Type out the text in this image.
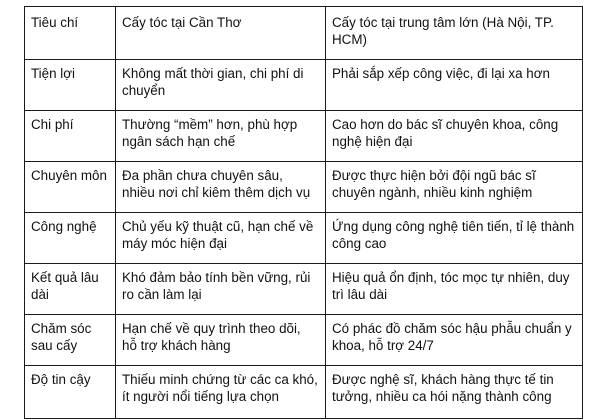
Tiêu chí	Cấy tóc tại Cần Thơ	Cấy tóc tại trung tâm lớn (Hà Nội, TP. HCM)
Tiện lợi	Không mất thời gian, chi phí di chuyển	Phải sắp xếp công việc, đi lại xa hơn
Chi phí	Thường “mềm” hơn, phù hợp ngân sách hạn chế	Cao hơn do bác sĩ chuyên khoa, công nghệ hiện đại
Chuyên môn	Đa phần chưa chuyên sâu, nhiều nơi chỉ kiêm thêm dịch vụ	Được thực hiện bởi đội ngũ bác sĩ chuyên ngành, nhiều kinh nghiệm
Công nghệ	Chủ yếu kỹ thuật cũ, hạn chế về máy móc hiện đại	Ứng dụng công nghệ tiên tiến, tỉ lệ thành công cao
Kết quả lâu dài	Khó đảm bảo tính bền vững, rủi ro cần làm lại	Hiệu quả ổn định, tóc mọc tự nhiên, duy trì lâu dài
Chăm sóc sau cấy	Hạn chế về quy trình theo dõi, hỗ trợ khách hàng	Có phác đồ chăm sóc hậu phẫu chuẩn y khoa, hỗ trợ 24/7
Độ tin cậy	Thiếu minh chứng từ các ca khó, ít người nổi tiếng lựa chọn	Được nghệ sĩ, khách hàng thực tế tin tưởng, nhiều ca hói nặng thành công
